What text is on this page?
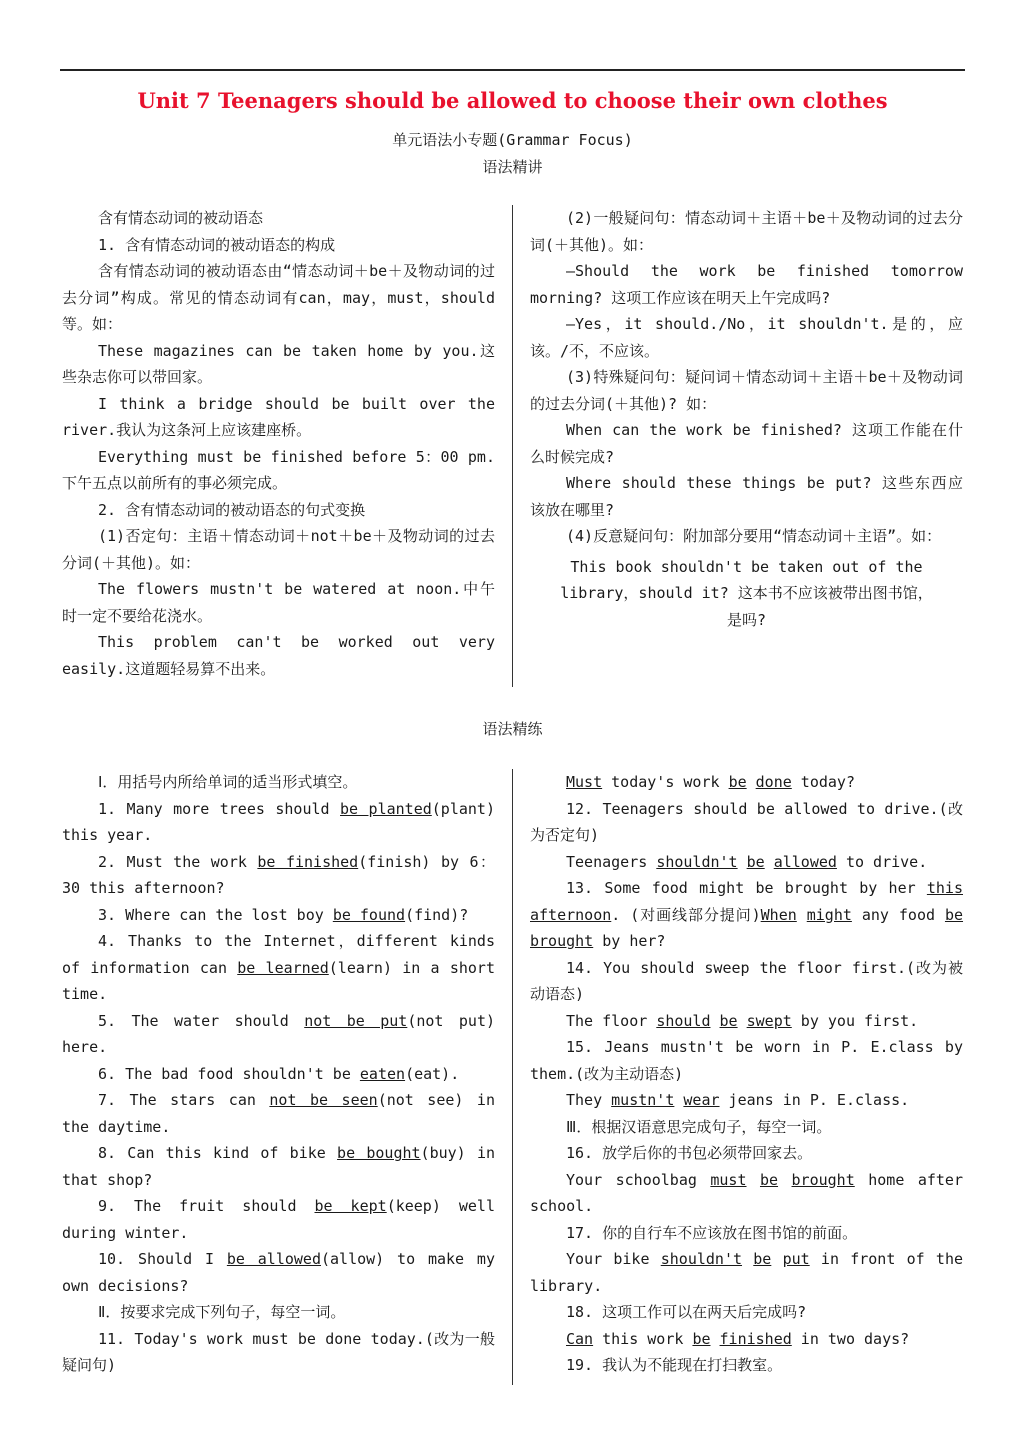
Unit 7 Teenagers should be allowed to choose their own clothes
单元语法小专题(Grammar Focus)
语法精讲

含有情态动词的被动语态

1. 含有情态动词的被动语态的构成

含有情态动词的被动语态由“情态动词＋be＋及物动词的过去分词”构成。常见的情态动词有can，may，must，should等。如：

These magazines can be taken home by you.这些杂志你可以带回家。

I think a bridge should be built over the river.我认为这条河上应该建座桥。

Everything must be finished before 5：00 pm.下午五点以前所有的事必须完成。

2. 含有情态动词的被动语态的句式变换

(1)否定句：主语＋情态动词＋not＋be＋及物动词的过去分词(＋其他)。如：

The flowers mustn't be watered at noon.中午时一定不要给花浇水。

This problem can't be worked out very easily.这道题轻易算不出来。

(2)一般疑问句：情态动词＋主语＋be＋及物动词的过去分词(＋其他)。如：

—Should the work be finished tomorrow morning? 这项工作应该在明天上午完成吗?

—Yes，it should./No，it shouldn't.是的，应该。/不，不应该。

(3)特殊疑问句：疑问词＋情态动词＋主语＋be＋及物动词的过去分词(＋其他)? 如：

When can the work be finished? 这项工作能在什么时候完成?

Where should these things be put? 这些东西应该放在哪里?

(4)反意疑问句：附加部分要用“情态动词＋主语”。如：

This book shouldn't be taken out of the

library，should it? 这本书不应该被带出图书馆，

是吗?

语法精练

Ⅰ．用括号内所给单词的适当形式填空。

1. Many more trees should be planted(plant) this year.

2. Must the work be finished(finish) by 6：30 this afternoon?

3. Where can the lost boy be found(find)?

4. Thanks to the Internet，different kinds of information can be learned(learn) in a short time.

5. The water should not be put(not put) here.

6. The bad food shouldn't be eaten(eat).

7. The stars can not be seen(not see) in the daytime.

8. Can this kind of bike be bought(buy) in that shop?

9. The fruit should be kept(keep) well during winter.

10. Should I be allowed(allow) to make my own decisions?

Ⅱ．按要求完成下列句子，每空一词。

11. Today's work must be done today.(改为一般疑问句)

Must today's work be done today?

12. Teenagers should be allowed to drive.(改为否定句)

Teenagers shouldn't be allowed to drive.

13. Some food might be brought by her this afternoon. (对画线部分提问)When might any food be brought by her?

14. You should sweep the floor first.(改为被动语态)

The floor should be swept by you first.

15. Jeans mustn't be worn in P. E.class by them.(改为主动语态)

They mustn't wear jeans in P. E.class.

Ⅲ．根据汉语意思完成句子，每空一词。

16. 放学后你的书包必须带回家去。

Your schoolbag must be brought home after school.

17. 你的自行车不应该放在图书馆的前面。

Your bike shouldn't be put in front of the library.

18. 这项工作可以在两天后完成吗?

Can this work be finished in two days?

19. 我认为不能现在打扫教室。
